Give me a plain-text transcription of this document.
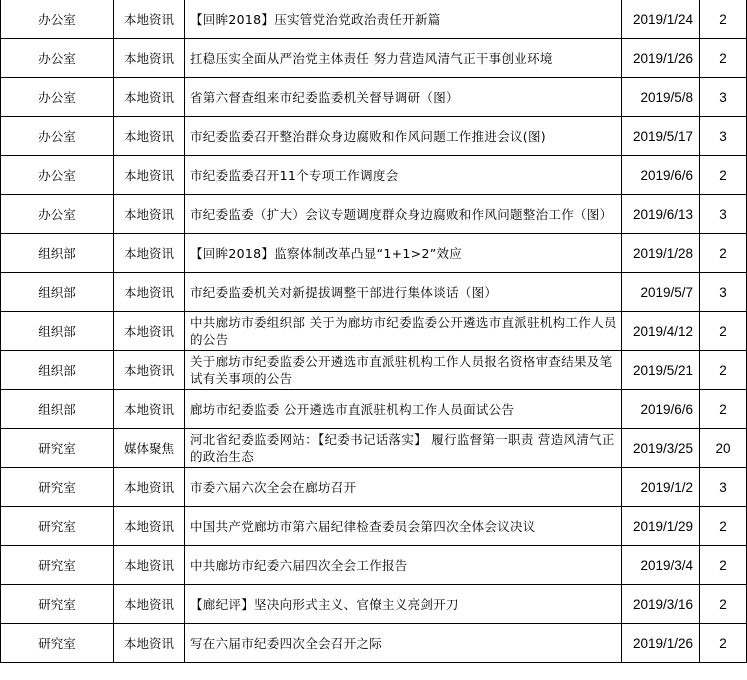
办公室	本地资讯	【回眸2018】压实管党治党政治责任开新篇	2019/1/24	2
办公室	本地资讯	扛稳压实全面从严治党主体责任 努力营造风清气正干事创业环境	2019/1/26	2
办公室	本地资讯	省第六督查组来市纪委监委机关督导调研（图）	2019/5/8	3
办公室	本地资讯	市纪委监委召开整治群众身边腐败和作风问题工作推进会议(图)	2019/5/17	3
办公室	本地资讯	市纪委监委召开11个专项工作调度会	2019/6/6	2
办公室	本地资讯	市纪委监委（扩大）会议专题调度群众身边腐败和作风问题整治工作（图）	2019/6/13	3
组织部	本地资讯	【回眸2018】监察体制改革凸显“1+1>2”效应	2019/1/28	2
组织部	本地资讯	市纪委监委机关对新提拔调整干部进行集体谈话（图）	2019/5/7	3
组织部	本地资讯	中共廊坊市委组织部 关于为廊坊市纪委监委公开遴选市直派驻机构工作人员的公告	2019/4/12	2
组织部	本地资讯	关于廊坊市纪委监委公开遴选市直派驻机构工作人员报名资格审查结果及笔试有关事项的公告	2019/5/21	2
组织部	本地资讯	廊坊市纪委监委 公开遴选市直派驻机构工作人员面试公告	2019/6/6	2
研究室	媒体聚焦	河北省纪委监委网站：【纪委书记话落实】 履行监督第一职责 营造风清气正的政治生态	2019/3/25	20
研究室	本地资讯	市委六届六次全会在廊坊召开	2019/1/2	3
研究室	本地资讯	中国共产党廊坊市第六届纪律检查委员会第四次全体会议决议	2019/1/29	2
研究室	本地资讯	中共廊坊市纪委六届四次全会工作报告	2019/3/4	2
研究室	本地资讯	【廊纪评】坚决向形式主义、官僚主义亮剑开刀	2019/3/16	2
研究室	本地资讯	写在六届市纪委四次全会召开之际	2019/1/26	2
